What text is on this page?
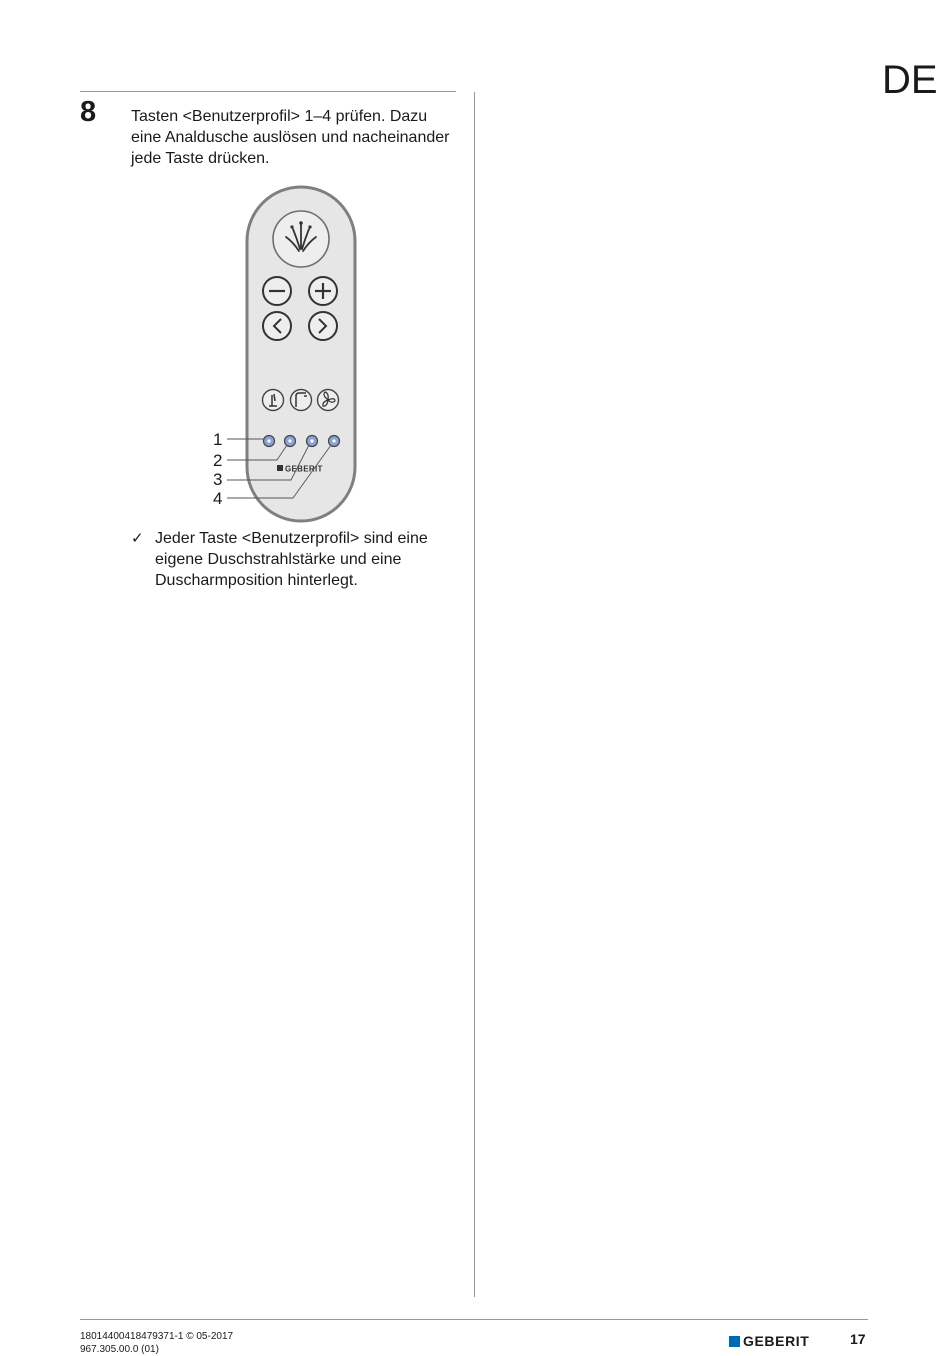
DE
8 Tasten <Benutzerprofil> 1–4 prüfen. Dazu eine Analdusche auslösen und nacheinander jede Taste drücken.

GEBERIT
1
2
3
4
✓ Jeder Taste <Benutzerprofil> sind eine eigene Duschstrahlstärke und eine Duscharmposition hinterlegt.

18014400418479371-1 © 05-2017
967.305.00.0 (01)
GEBERIT	17
